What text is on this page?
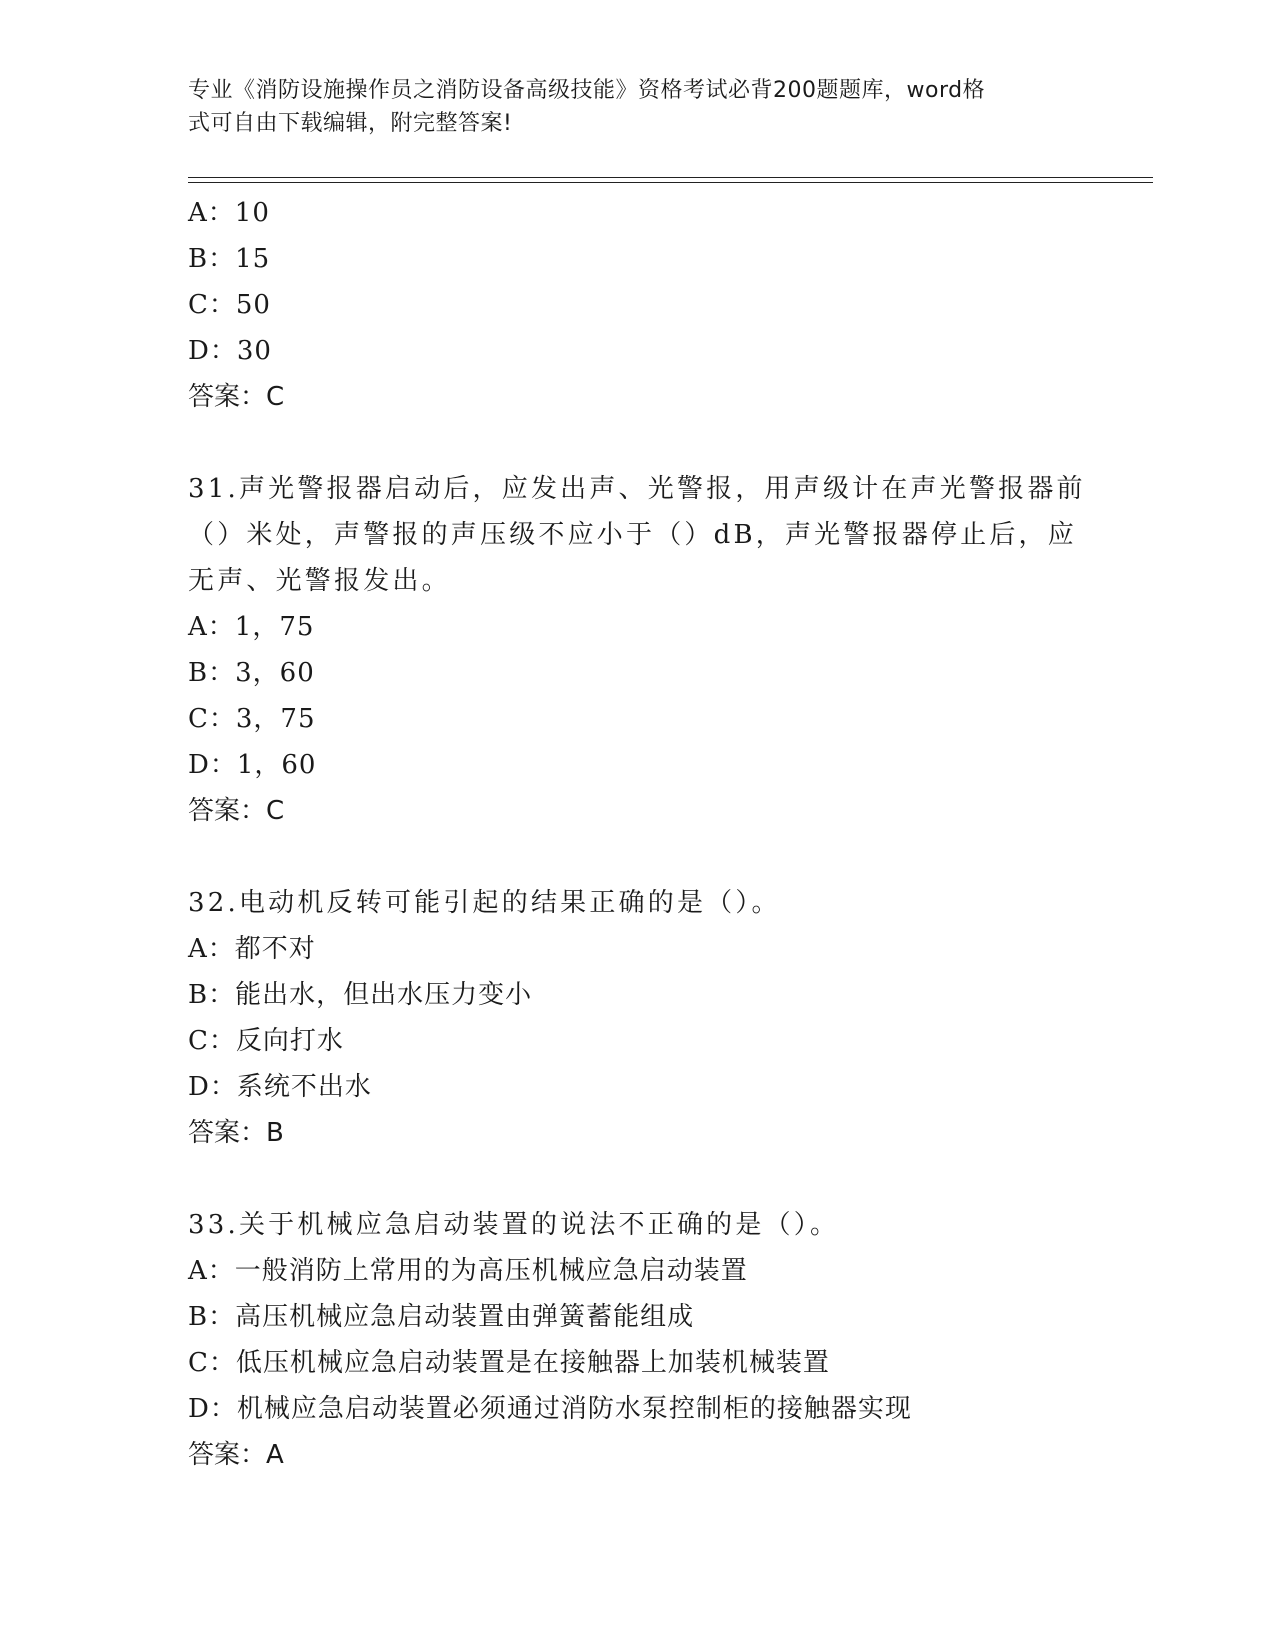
专业《消防设施操作员之消防设备高级技能》资格考试必背200题题库，word格
式可自由下载编辑，附完整答案!
A：10
B：15
C：50
D：30
答案：C
31.声光警报器启动后，应发出声、光警报，用声级计在声光警报器前（）米处，声警报的声压级不应小于（）dB，声光警报器停止后，应无声、光警报发出。
A：1，75
B：3，60
C：3，75
D：1，60
答案：C
32.电动机反转可能引起的结果正确的是（）。
A：都不对
B：能出水，但出水压力变小
C：反向打水
D：系统不出水
答案：B
33.关于机械应急启动装置的说法不正确的是（）。
A：一般消防上常用的为高压机械应急启动装置
B：高压机械应急启动装置由弹簧蓄能组成
C：低压机械应急启动装置是在接触器上加装机械装置
D：机械应急启动装置必须通过消防水泵控制柜的接触器实现
答案：A
